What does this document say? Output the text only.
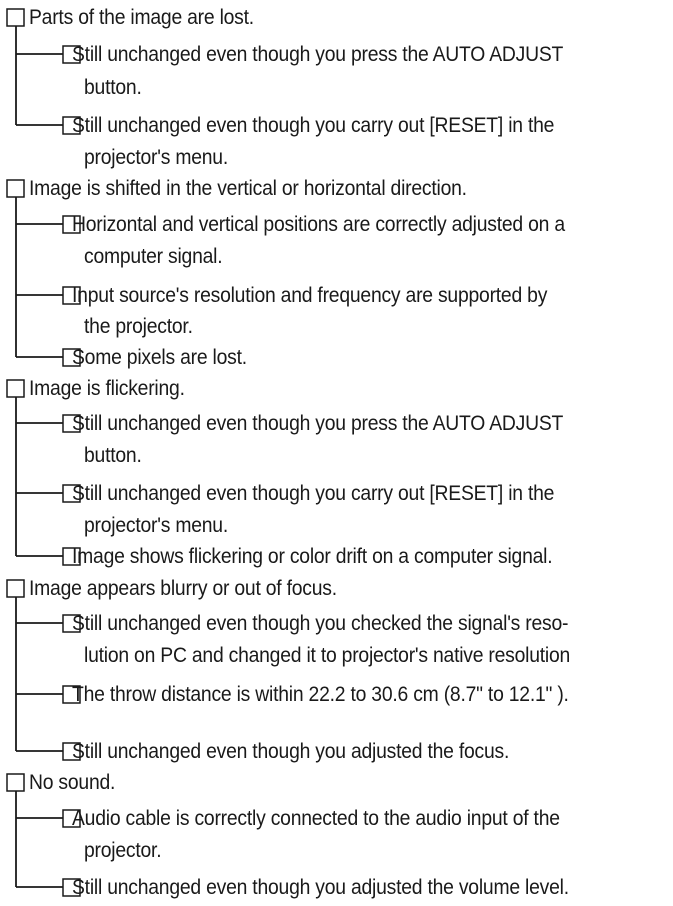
Parts of the image are lost.
Still unchanged even though you press the AUTO ADJUST
button.
Still unchanged even though you carry out [RESET] in the
projector's menu.
Image is shifted in the vertical or horizontal direction.
Horizontal and vertical positions are correctly adjusted on a
computer signal.
Input source's resolution and frequency are supported by
the projector.
Some pixels are lost.
Image is flickering.
Still unchanged even though you press the AUTO ADJUST
button.
Still unchanged even though you carry out [RESET] in the
projector's menu.
Image shows flickering or color drift on a computer signal.
Image appears blurry or out of focus.
Still unchanged even though you checked the signal's reso-
lution on PC and changed it to projector's native resolution
The throw distance is within 22.2 to 30.6 cm (8.7" to 12.1" ).
Still unchanged even though you adjusted the focus.
No sound.
Audio cable is correctly connected to the audio input of the
projector.
Still unchanged even though you adjusted the volume level.
